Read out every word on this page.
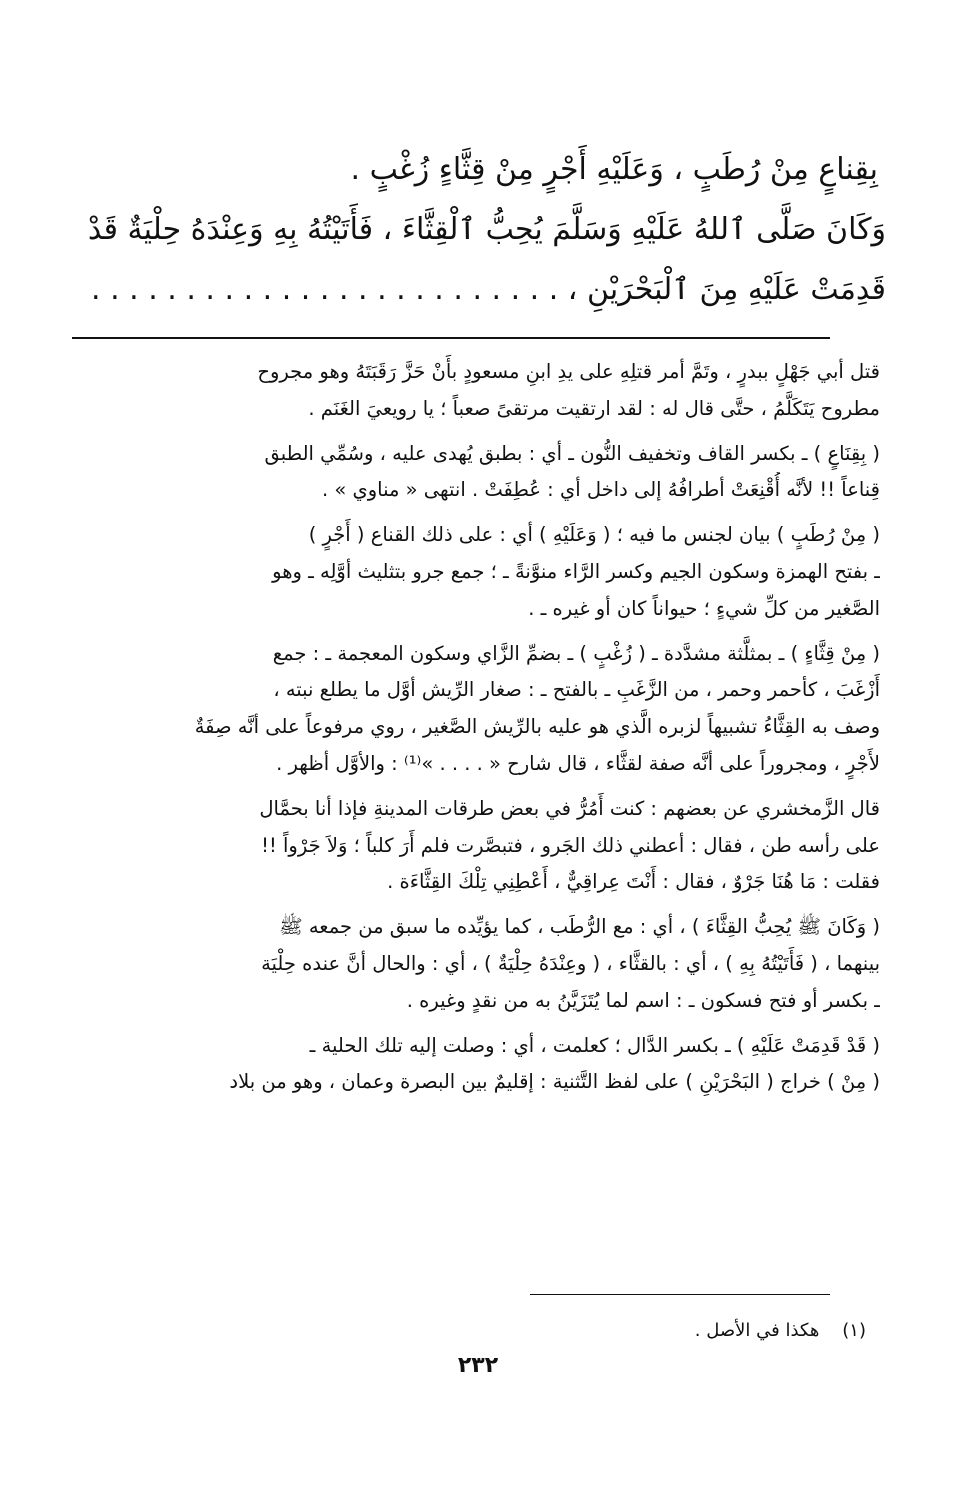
بِقِناعٍ مِنْ رُطَبٍ ، وَعَلَيْهِ أَجْرٍ مِنْ قِثَّاءٍ زُغْبٍ .
وَكَانَ صَلَّى ٱللهُ عَلَيْهِ وَسَلَّمَ يُحِبُّ ٱلْقِثَّاءَ ، فَأَتَيْتُهُ بِهِ وَعِنْدَهُ حِلْيَةٌ قَدْ
قَدِمَتْ عَلَيْهِ مِنَ ٱلْبَحْرَيْنِ ، . . . . . . . . . . . . . . . . . . . . . . . . .
قتل أبي جَهْلٍ ببدرٍ ، وتَمَّ أمر قتلِهِ على يدِ ابنِ مسعودٍ بأَنْ حَزَّ رَقَبَتَهُ وهو مجروح
مطروح يَتَكَلَّمُ ، حتَّى قال له : لقد ارتقيت مرتقىً صعباً ؛ يا رويعيَ الغَنَم .
( بِقِنَاعٍ ) ـ بكسر القاف وتخفيف النُّون ـ أي : بطبق يُهدى عليه ، وسُمِّي الطبق
قِناعاً !! لأنَّه أُقْنِعَتْ أطرافُهُ إلى داخل أي : عُطِفَتْ . انتهى « مناوي » .
( مِنْ رُطَبٍ ) بيان لجنس ما فيه ؛ ( وَعَلَيْهِ ) أي : على ذلك القناع ( أَجْرٍ )
ـ بفتح الهمزة وسكون الجيم وكسر الرَّاء منوَّنةً ـ ؛ جمع جرو بتثليث أوَّلِه ـ وهو
الصَّغير من كلِّ شيءٍ ؛ حيواناً كان أو غيره ـ .
( مِنْ قِثَّاءٍ ) ـ بمثلَّثة مشدَّدة ـ ( زُغْبٍ ) ـ بضمِّ الزَّاي وسكون المعجمة ـ : جمع
أَزْغَبَ ، كأحمر وحمر ، من الزَّغَبِ ـ بالفتح ـ : صغار الرِّيش أوَّل ما يطلع نبته ،
وصف به القِثَّاءُ تشبيهاً لزبره الَّذي هو عليه بالرِّيش الصَّغير ، روي مرفوعاً على أنَّه صِفَةٌ
لأَجْرٍ ، ومجروراً على أنَّه صفة لقثَّاء ، قال شارح « . . . . »⁽¹⁾ : والأوَّل أظهر .
قال الزَّمخشري عن بعضهم : كنت أَمُرُّ في بعض طرقات المدينةِ فإذا أنا بحمَّال
على رأسه طن ، فقال : أعطني ذلك الجَرو ، فتبصَّرت فلم أَرَ كلباً ؛ وَلاَ جَرْواً !!
فقلت : مَا هُنَا جَرْوٌ ، فقال : أَنْتَ عِراقِيٌّ ، أَعْطِنِي تِلْكَ القِثَّاءَة .
( وَكَانَ ﷺ يُحِبُّ القِثَّاءَ ) ، أي : مع الرُّطَب ، كما يؤيِّده ما سبق من جمعه ﷺ
بينهما ، ( فَأَتَيْتُهُ بِهِ ) ، أي : بالقثَّاء ، ( وعِنْدَهُ حِلْيَةٌ ) ، أي : والحال أنَّ عنده حِلْيَة
ـ بكسر أو فتح فسكون ـ : اسم لما يُتَزَيَّنُ به من نقدٍ وغيره .
( قَدْ قَدِمَتْ عَلَيْهِ ) ـ بكسر الدَّال ؛ كعلمت ، أي : وصلت إليه تلك الحلية ـ
( مِنْ ) خراج ( البَحْرَيْنِ ) على لفظ التَّثنية : إقليمٌ بين البصرة وعمان ، وهو من بلاد
(١)    هكذا في الأصل .
٢٣٢
